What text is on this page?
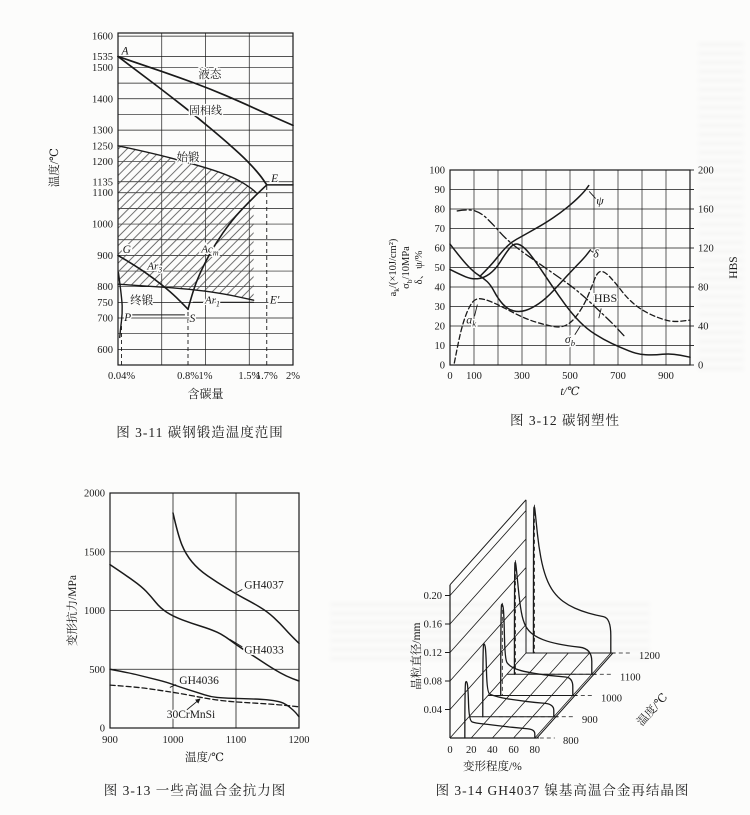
1600
1535
1500
1400
1300
1250
1200
1135
1100
1000
900
800
750
700
600
0.04%	0.8% 1% 1.5%
1.7% 2%
A
液态
固相线
始锻
E
G	$Ac_m$
$Ar_3$
终锻	$Ar_1$	E′
P	S
温度/℃
含碳量
$\sigma_b$
δ
ψ
HBS
$a_k$
0
10
20
30
40
50
60
70
80
90
100
0
40
80
120
160
200
0 100	300	500	700	900
$a_k/(\times 10J/cm^2)$ $\sigma_b/10MPa$ δ、ψ/%	HBS
t/℃
GH4037
GH4033
GH4036
30CrMnSi
0
500
1000
1500
2000
900	1000	1100	1200
变形抗力/MPa
温度/℃
0.04
0.08
0.12
0.16
0.20
0 20 40 60 80
800
900
1000
1100
1200
晶粒直径/mm
变形程度/%
温度/℃
图 3-11 碳钢锻造温度范围
图 3-12 碳钢塑性
图 3-13 一些高温合金抗力图	图 3-14 GH4037 镍基高温合金再结晶图
